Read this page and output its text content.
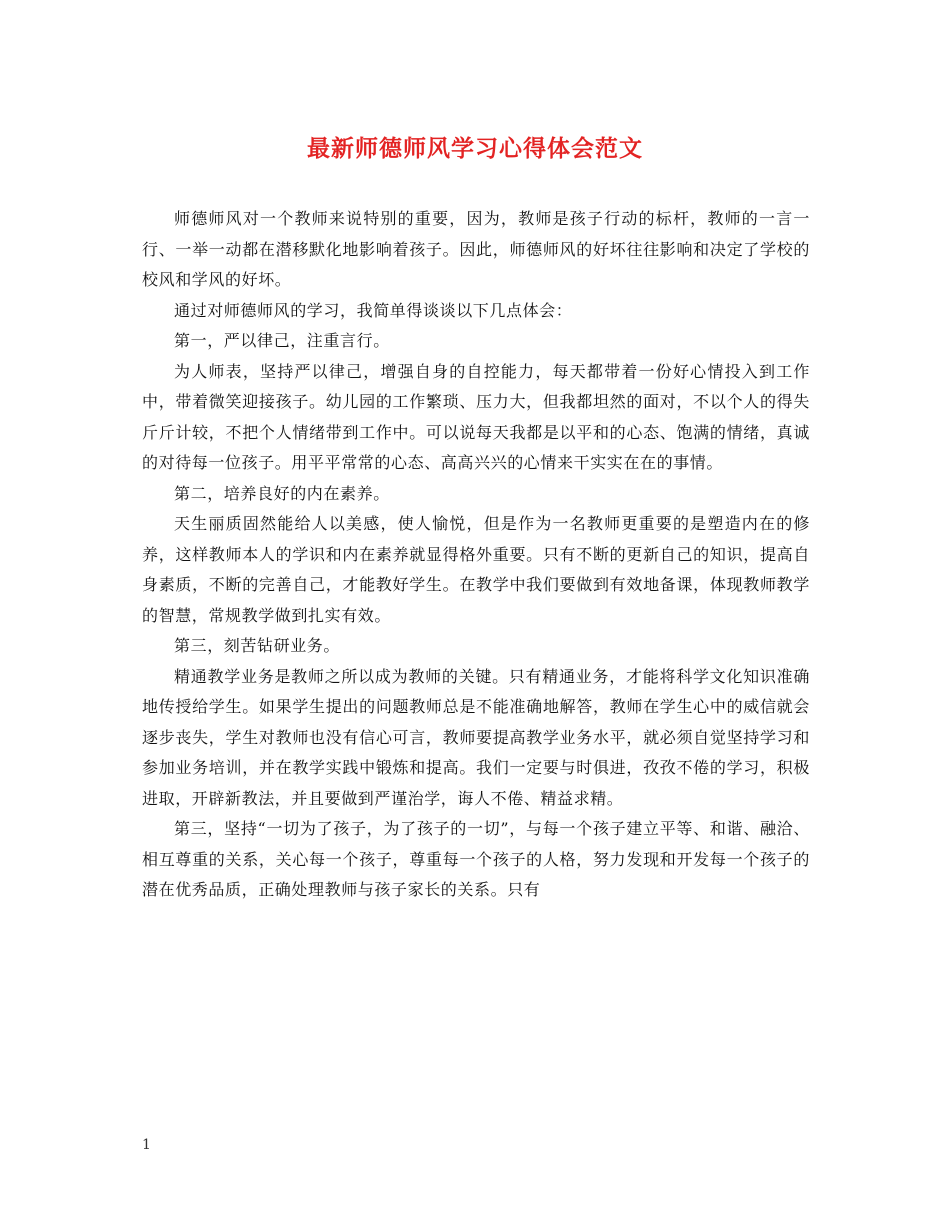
最新师德师风学习心得体会范文

师德师风对一个教师来说特别的重要，因为，教师是孩子行动的标杆，教师的一言一行、一举一动都在潜移默化地影响着孩子。因此，师德师风的好坏往往影响和决定了学校的校风和学风的好坏。

通过对师德师风的学习，我简单得谈谈以下几点体会：

第一，严以律己，注重言行。

为人师表，坚持严以律己，增强自身的自控能力，每天都带着一份好心情投入到工作中，带着微笑迎接孩子。幼儿园的工作繁琐、压力大，但我都坦然的面对，不以个人的得失斤斤计较，不把个人情绪带到工作中。可以说每天我都是以平和的心态、饱满的情绪，真诚的对待每一位孩子。用平平常常的心态、高高兴兴的心情来干实实在在的事情。

第二，培养良好的内在素养。

天生丽质固然能给人以美感，使人愉悦，但是作为一名教师更重要的是塑造内在的修养，这样教师本人的学识和内在素养就显得格外重要。只有不断的更新自己的知识，提高自身素质，不断的完善自己，才能教好学生。在教学中我们要做到有效地备课，体现教师教学的智慧，常规教学做到扎实有效。

第三，刻苦钻研业务。

精通教学业务是教师之所以成为教师的关键。只有精通业务，才能将科学文化知识准确地传授给学生。如果学生提出的问题教师总是不能准确地解答，教师在学生心中的威信就会逐步丧失，学生对教师也没有信心可言，教师要提高教学业务水平，就必须自觉坚持学习和参加业务培训，并在教学实践中锻炼和提高。我们一定要与时俱进，孜孜不倦的学习，积极进取，开辟新教法，并且要做到严谨治学，诲人不倦、精益求精。

第三，坚持“一切为了孩子，为了孩子的一切”，与每一个孩子建立平等、和谐、融洽、相互尊重的关系，关心每一个孩子，尊重每一个孩子的人格，努力发现和开发每一个孩子的潜在优秀品质，正确处理教师与孩子家长的关系。只有

1
